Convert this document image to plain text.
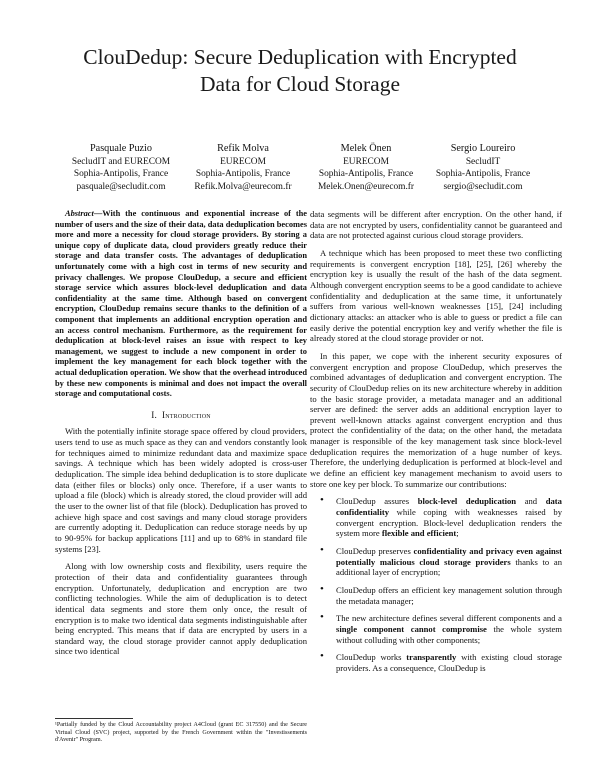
ClouDedup: Secure Deduplication with Encrypted
Data for Cloud Storage
Pasquale Puzio
SecludIT and EURECOM
Sophia-Antipolis, France
pasquale@secludit.com
Refik Molva
EURECOM
Sophia-Antipolis, France
Refik.Molva@eurecom.fr
Melek Önen
EURECOM
Sophia-Antipolis, France
Melek.Onen@eurecom.fr
Sergio Loureiro
SecludIT
Sophia-Antipolis, France
sergio@secludit.com

Abstract—With the continuous and exponential increase of the number of users and the size of their data, data deduplication becomes more and more a necessity for cloud storage providers. By storing a unique copy of duplicate data, cloud providers greatly reduce their storage and data transfer costs. The advantages of deduplication unfortunately come with a high cost in terms of new security and privacy challenges. We propose ClouDedup, a secure and efficient storage service which assures block-level deduplication and data confidentiality at the same time. Although based on convergent encryption, ClouDedup remains secure thanks to the definition of a component that implements an additional encryption operation and an access control mechanism. Furthermore, as the requirement for deduplication at block-level raises an issue with respect to key management, we suggest to include a new component in order to implement the key management for each block together with the actual deduplication operation. We show that the overhead introduced by these new components is minimal and does not impact the overall storage and computational costs.

I. Introduction

With the potentially infinite storage space offered by cloud providers, users tend to use as much space as they can and vendors constantly look for techniques aimed to minimize redundant data and maximize space savings. A technique which has been widely adopted is cross-user deduplication. The simple idea behind deduplication is to store duplicate data (either files or blocks) only once. Therefore, if a user wants to upload a file (block) which is already stored, the cloud provider will add the user to the owner list of that file (block). Deduplication has proved to achieve high space and cost savings and many cloud storage providers are currently adopting it. Deduplication can reduce storage needs by up to 90-95% for backup applications [11] and up to 68% in standard file systems [23].

Along with low ownership costs and flexibility, users require the protection of their data and confidentiality guarantees through encryption. Unfortunately, deduplication and encryption are two conflicting technologies. While the aim of deduplication is to detect identical data segments and store them only once, the result of encryption is to make two identical data segments indistinguishable after being encrypted. This means that if data are encrypted by users in a standard way, the cloud storage provider cannot apply deduplication since two identical

¹Partially funded by the Cloud Accountability project A4Cloud (grant EC 317550) and the Secure Virtual Cloud (SVC) project, supported by the French Government within the "Investissements d'Avenir" Program.

data segments will be different after encryption. On the other hand, if data are not encrypted by users, confidentiality cannot be guaranteed and data are not protected against curious cloud storage providers.

A technique which has been proposed to meet these two conflicting requirements is convergent encryption [18], [25], [26] whereby the encryption key is usually the result of the hash of the data segment. Although convergent encryption seems to be a good candidate to achieve confidentiality and deduplication at the same time, it unfortunately suffers from various well-known weaknesses [15], [24] including dictionary attacks: an attacker who is able to guess or predict a file can easily derive the potential encryption key and verify whether the file is already stored at the cloud storage provider or not.

In this paper, we cope with the inherent security exposures of convergent encryption and propose ClouDedup, which preserves the combined advantages of deduplication and convergent encryption. The security of ClouDedup relies on its new architecture whereby in addition to the basic storage provider, a metadata manager and an additional server are defined: the server adds an additional encryption layer to prevent well-known attacks against convergent encryption and thus protect the confidentiality of the data; on the other hand, the metadata manager is responsible of the key management task since block-level deduplication requires the memorization of a huge number of keys. Therefore, the underlying deduplication is performed at block-level and we define an efficient key management mechanism to avoid users to store one key per block. To summarize our contributions:

• ClouDedup assures block-level deduplication and data confidentiality while coping with weaknesses raised by convergent encryption. Block-level deduplication renders the system more flexible and efficient;
• ClouDedup preserves confidentiality and privacy even against potentially malicious cloud storage providers thanks to an additional layer of encryption;
• ClouDedup offers an efficient key management solution through the metadata manager;
• The new architecture defines several different components and a single component cannot compromise the whole system without colluding with other components;
• ClouDedup works transparently with existing cloud storage providers. As a consequence, ClouDedup is
